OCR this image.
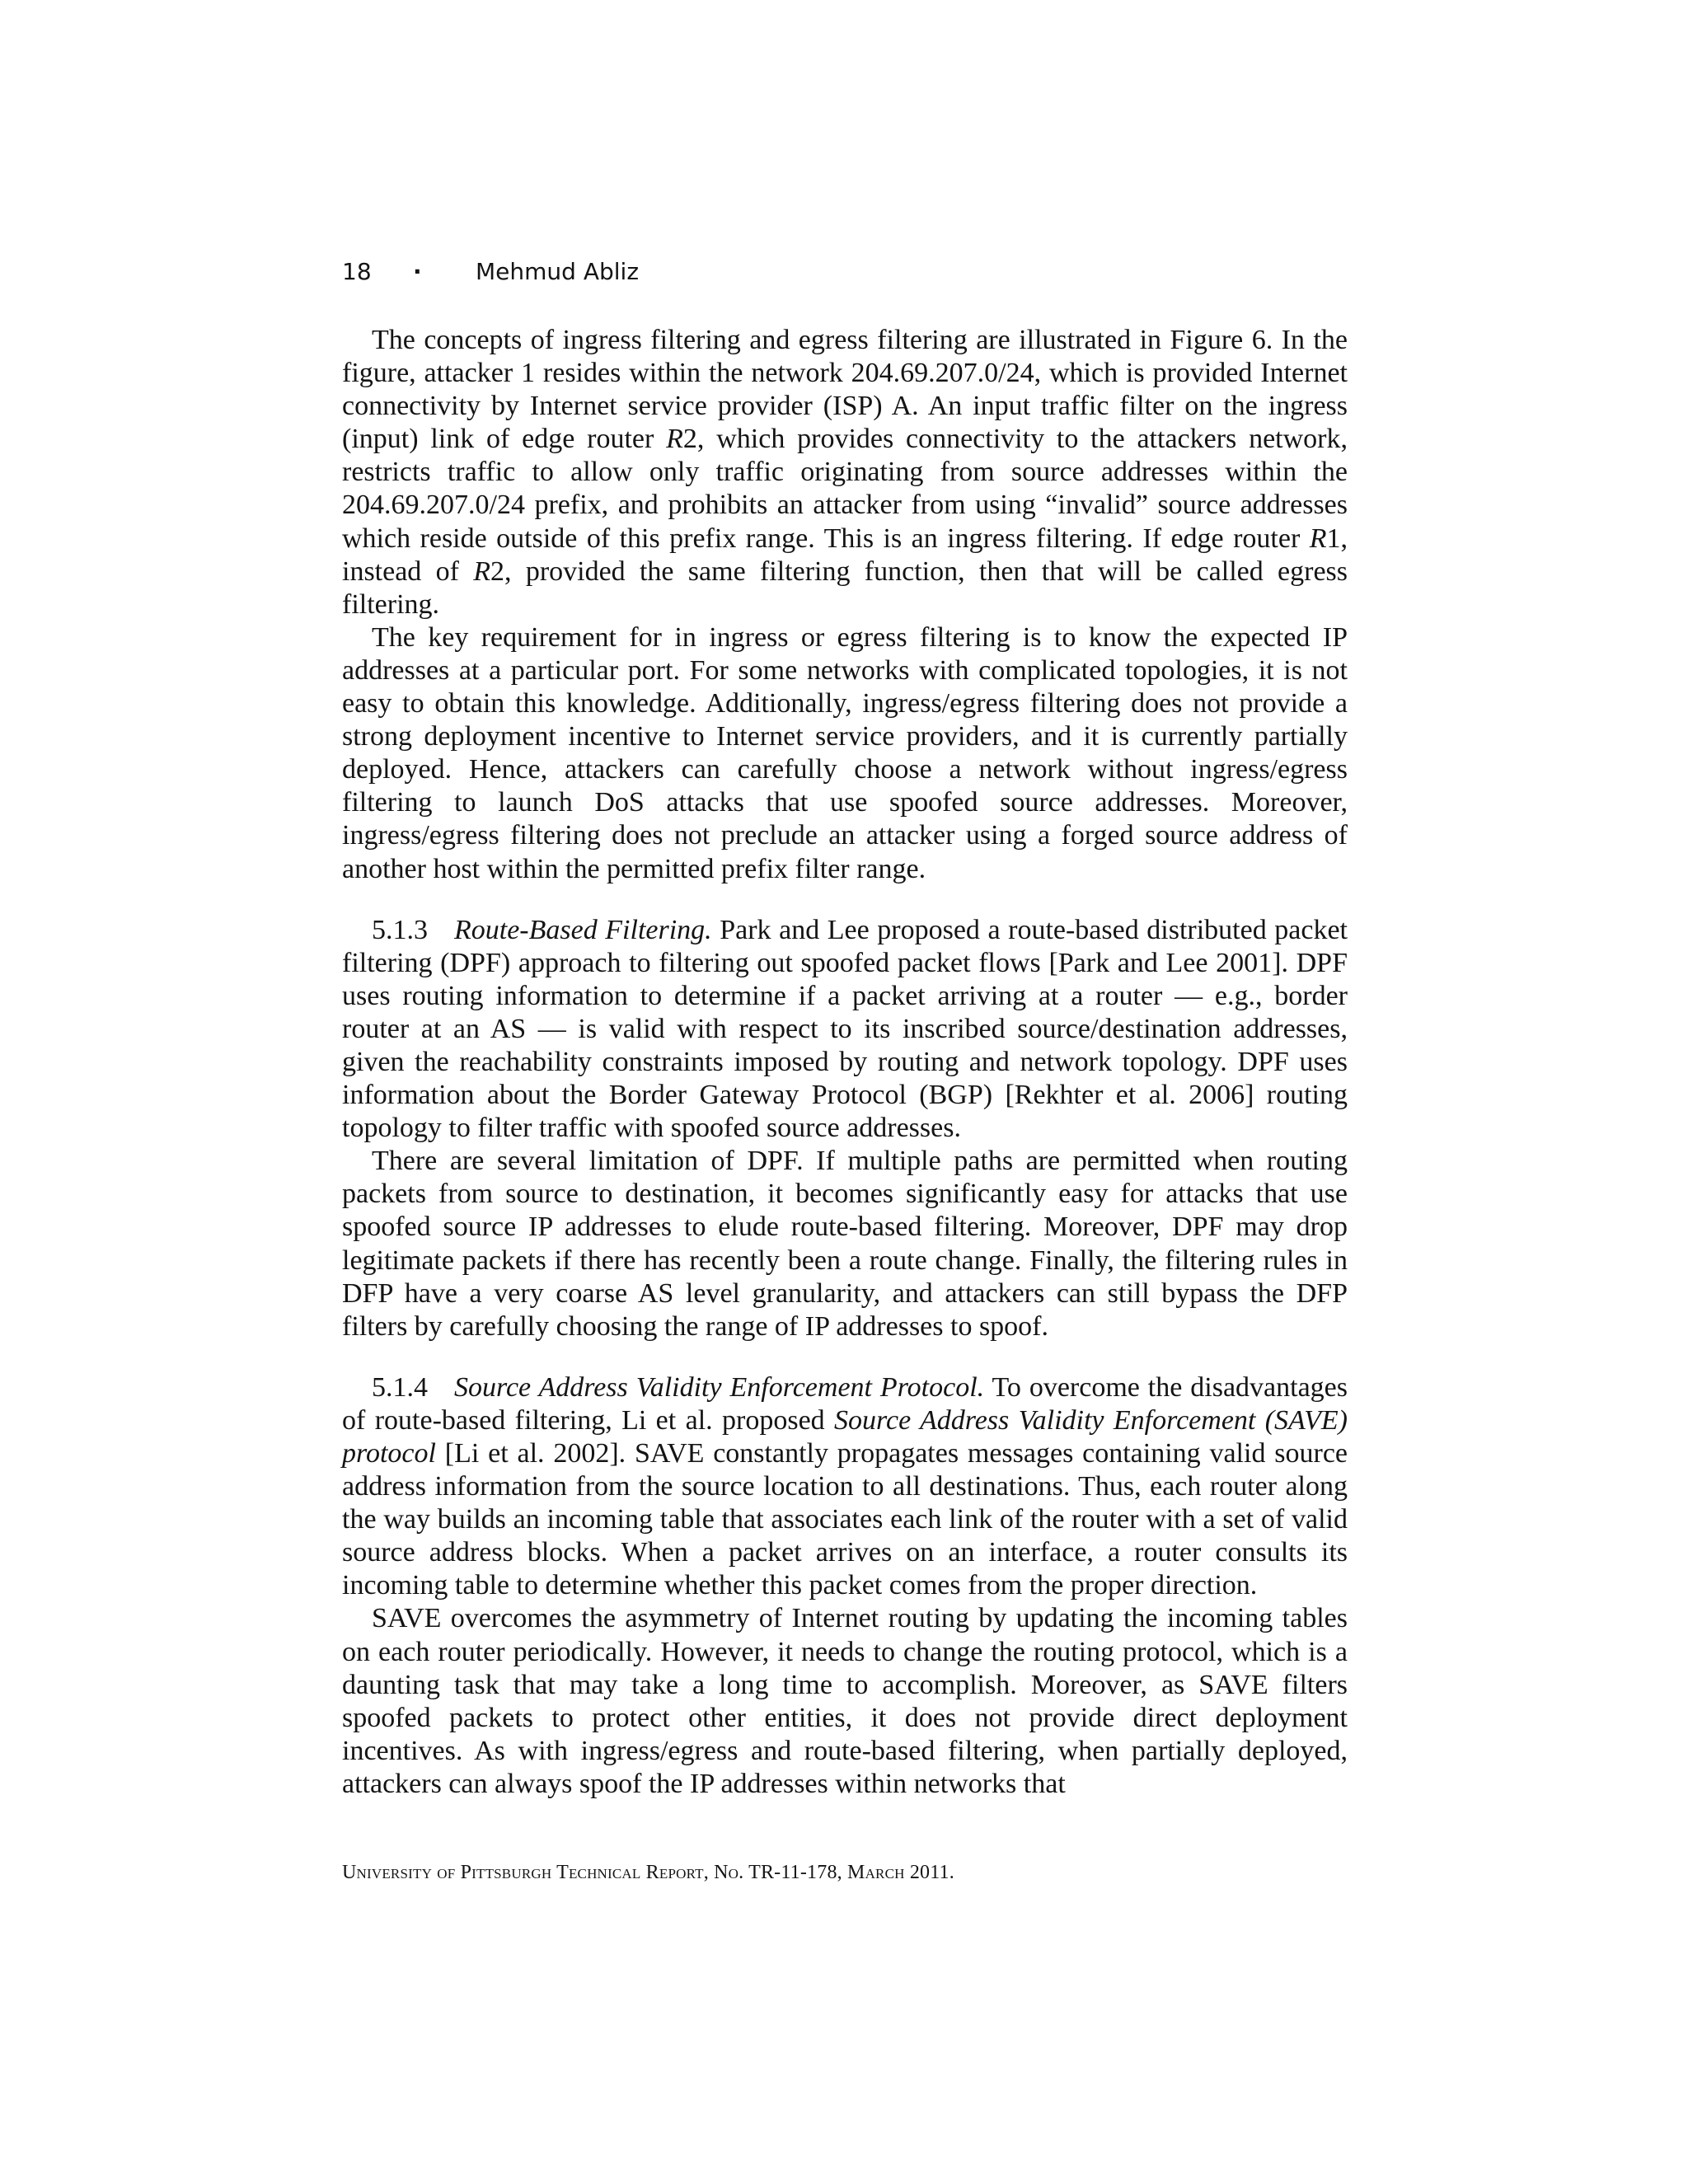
18 · Mehmud Abliz

The concepts of ingress filtering and egress filtering are illustrated in Figure 6. In the figure, attacker 1 resides within the network 204.69.207.0/24, which is provided Internet connectivity by Internet service provider (ISP) A. An input traffic filter on the ingress (input) link of edge router R2, which provides connectivity to the attackers network, restricts traffic to allow only traffic originating from source addresses within the 204.69.207.0/24 prefix, and prohibits an attacker from using “invalid” source addresses which reside outside of this prefix range. This is an ingress filtering. If edge router R1, instead of R2, provided the same filtering function, then that will be called egress filtering.

The key requirement for in ingress or egress filtering is to know the expected IP addresses at a particular port. For some networks with complicated topologies, it is not easy to obtain this knowledge. Additionally, ingress/egress filtering does not provide a strong deployment incentive to Internet service providers, and it is currently partially deployed. Hence, attackers can carefully choose a network without ingress/egress filtering to launch DoS attacks that use spoofed source addresses. Moreover, ingress/egress filtering does not preclude an attacker using a forged source address of another host within the permitted prefix filter range.

5.1.3 Route-Based Filtering. Park and Lee proposed a route-based distributed packet filtering (DPF) approach to filtering out spoofed packet flows [Park and Lee 2001]. DPF uses routing information to determine if a packet arriving at a router — e.g., border router at an AS — is valid with respect to its inscribed source/destination addresses, given the reachability constraints imposed by routing and network topology. DPF uses information about the Border Gateway Protocol (BGP) [Rekhter et al. 2006] routing topology to filter traffic with spoofed source addresses.

There are several limitation of DPF. If multiple paths are permitted when routing packets from source to destination, it becomes significantly easy for attacks that use spoofed source IP addresses to elude route-based filtering. Moreover, DPF may drop legitimate packets if there has recently been a route change. Finally, the filtering rules in DFP have a very coarse AS level granularity, and attackers can still bypass the DFP filters by carefully choosing the range of IP addresses to spoof.

5.1.4 Source Address Validity Enforcement Protocol. To overcome the disadvantages of route-based filtering, Li et al. proposed Source Address Validity Enforcement (SAVE) protocol [Li et al. 2002]. SAVE constantly propagates messages containing valid source address information from the source location to all destinations. Thus, each router along the way builds an incoming table that associates each link of the router with a set of valid source address blocks. When a packet arrives on an interface, a router consults its incoming table to determine whether this packet comes from the proper direction.

SAVE overcomes the asymmetry of Internet routing by updating the incoming tables on each router periodically. However, it needs to change the routing protocol, which is a daunting task that may take a long time to accomplish. Moreover, as SAVE filters spoofed packets to protect other entities, it does not provide direct deployment incentives. As with ingress/egress and route-based filtering, when partially deployed, attackers can always spoof the IP addresses within networks that

University of Pittsburgh Technical Report, No. TR-11-178, March 2011.
